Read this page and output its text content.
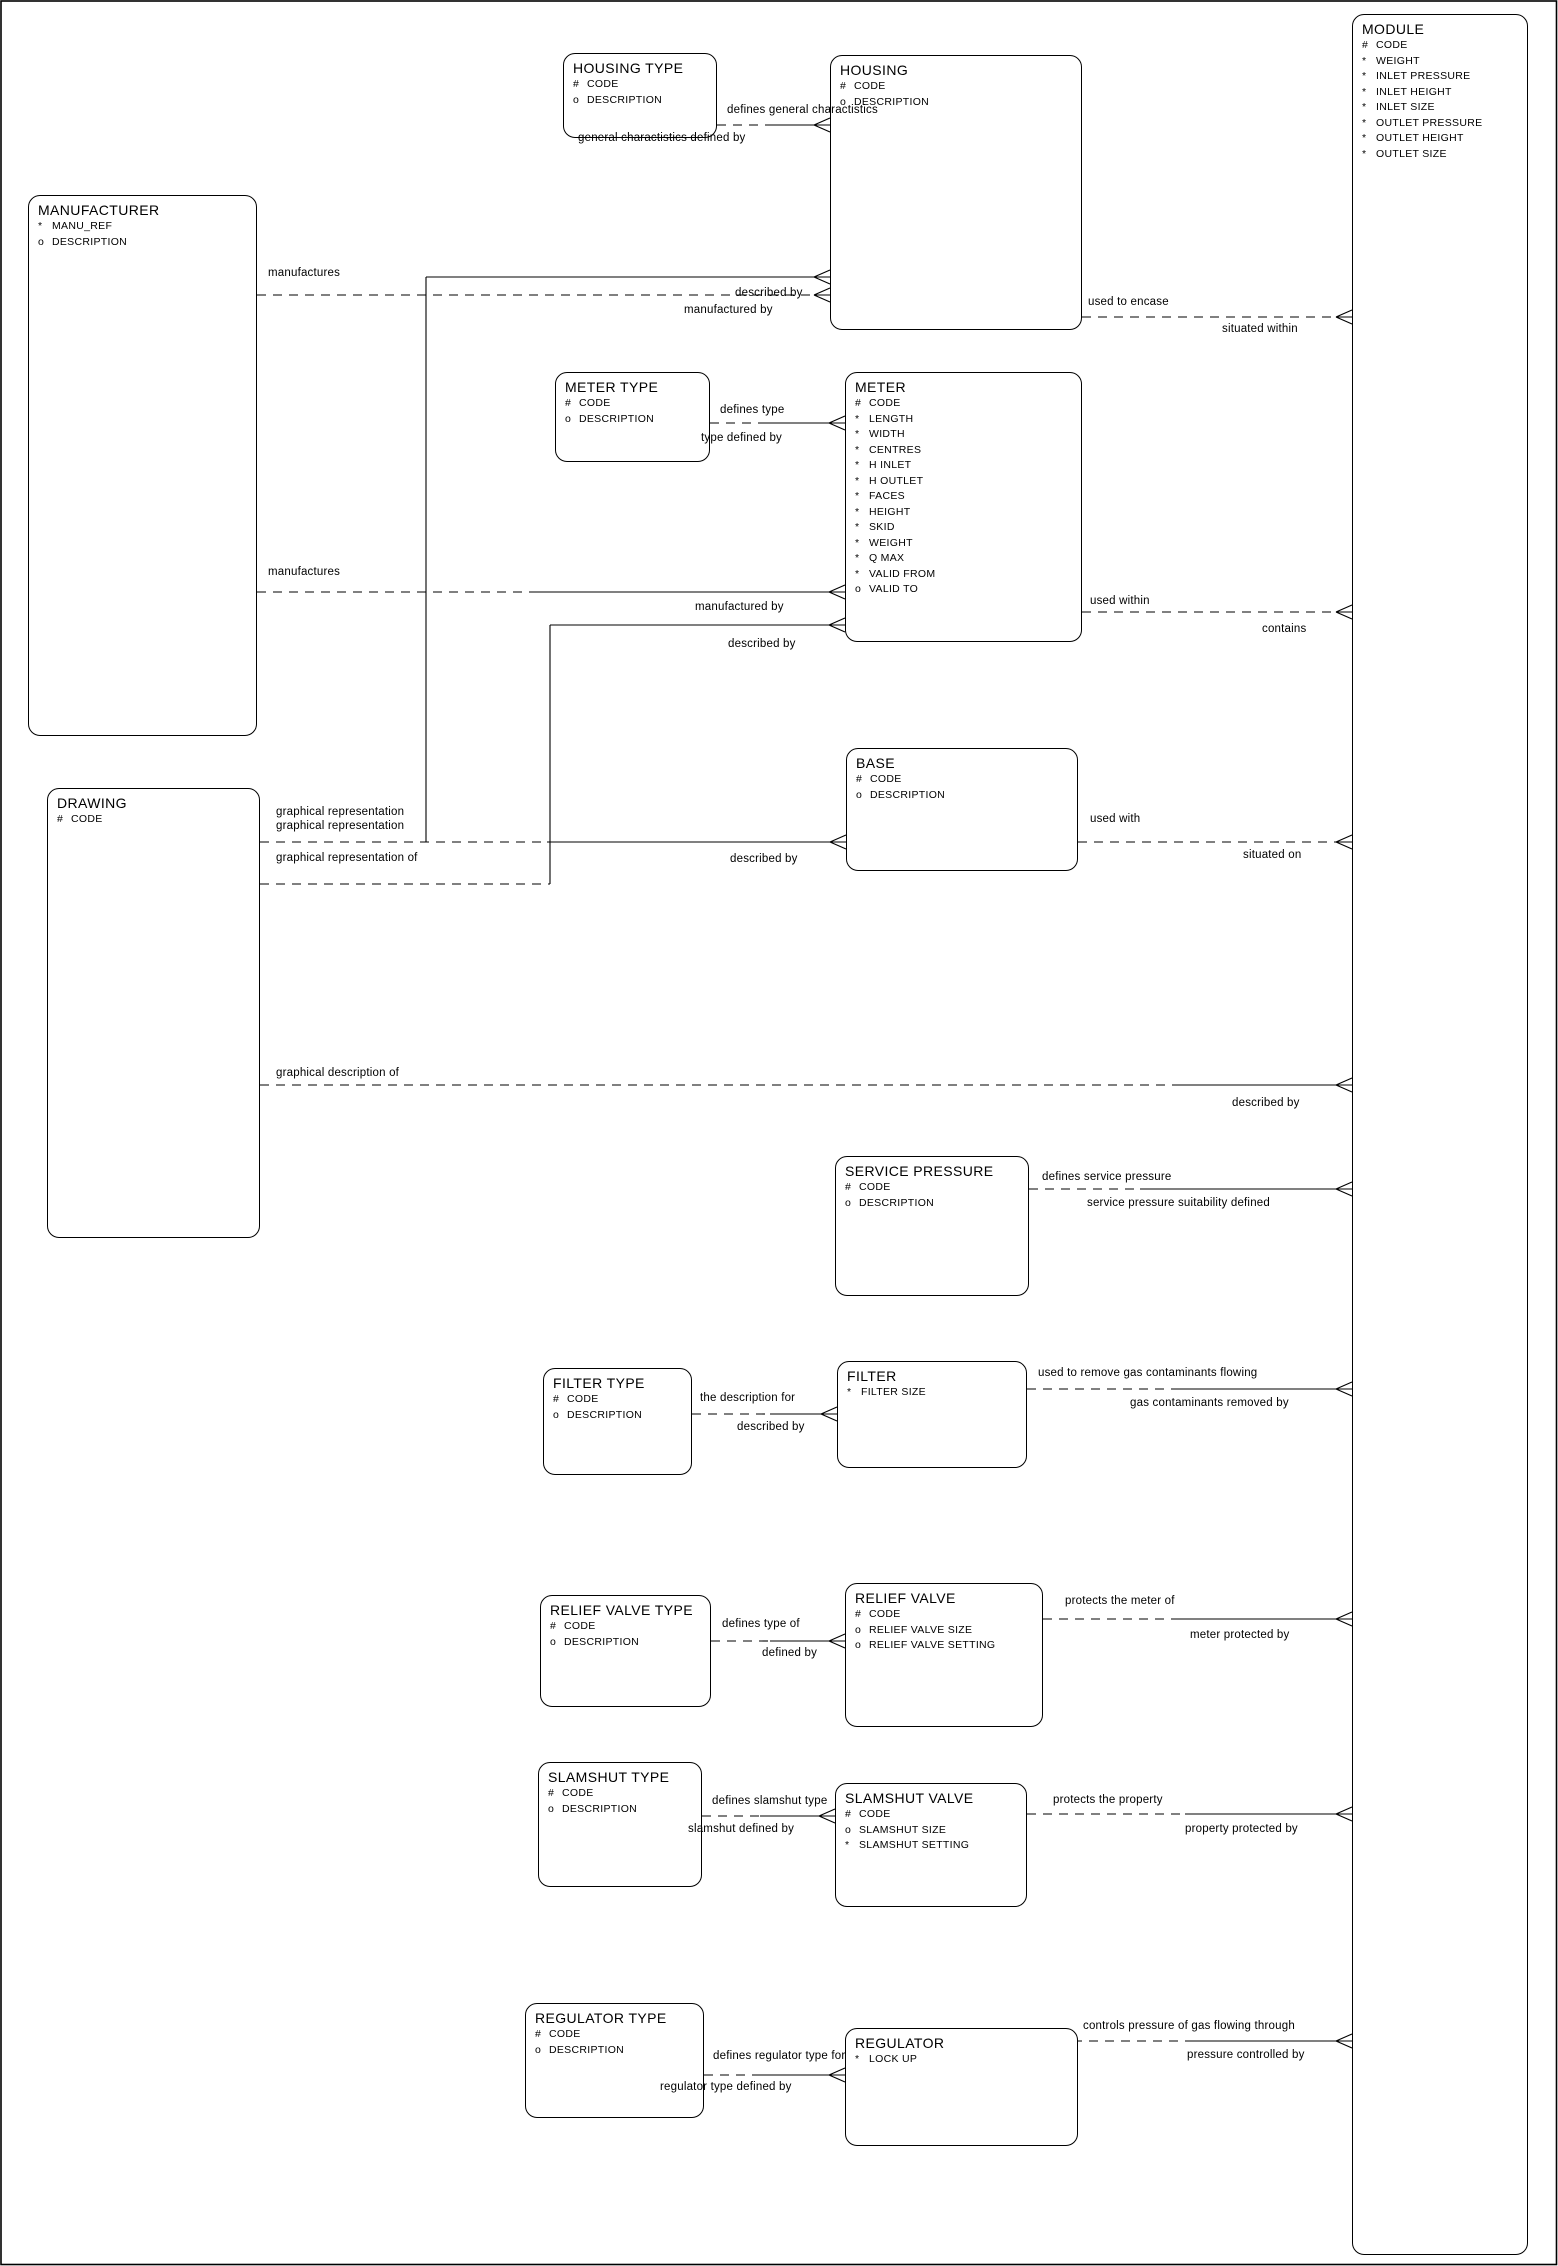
HOUSING TYPE
# CODE
o DESCRIPTION
HOUSING
# CODE
o DESCRIPTION
MANUFACTURER
* MANU_REF
o DESCRIPTION
METER TYPE
# CODE
o DESCRIPTION
METER
# CODE
* LENGTH
* WIDTH
* CENTRES
* H INLET
* H OUTLET
* FACES
* HEIGHT
* SKID
* WEIGHT
* Q MAX
* VALID FROM
o VALID TO
DRAWING
# CODE
BASE
# CODE
o DESCRIPTION
SERVICE PRESSURE
# CODE
o DESCRIPTION
FILTER TYPE
# CODE
o DESCRIPTION
FILTER
* FILTER SIZE
RELIEF VALVE TYPE
# CODE
o DESCRIPTION
RELIEF VALVE
# CODE
o RELIEF VALVE SIZE
o RELIEF VALVE SETTING
SLAMSHUT TYPE
# CODE
o DESCRIPTION
SLAMSHUT VALVE
# CODE
o SLAMSHUT SIZE
* SLAMSHUT SETTING
REGULATOR TYPE
# CODE
o DESCRIPTION	REGULATOR
* LOCK UP
MODULE
# CODE
* WEIGHT
* INLET PRESSURE
* INLET HEIGHT
* INLET SIZE
* OUTLET PRESSURE
* OUTLET HEIGHT
* OUTLET SIZE
defines general charactistics
general charactistics defined by
manufactures
described by
manufactured by
used to encase
situated within
defines type
type defined by
manufactures
manufactured by	used within
described by
contains
graphical representation
graphical representation
graphical representation of	described by
used with
situated on
graphical description of
described by
defines service pressure
service pressure suitability defined
the description for
described by
used to remove gas contaminants flowing
gas contaminants removed by
defines type of
defined by
protects the meter of
meter protected by
defines slamshut type
slamshut defined by
protects the property
property protected by
defines regulator type for
regulator type defined by
controls pressure of gas flowing through
pressure controlled by
